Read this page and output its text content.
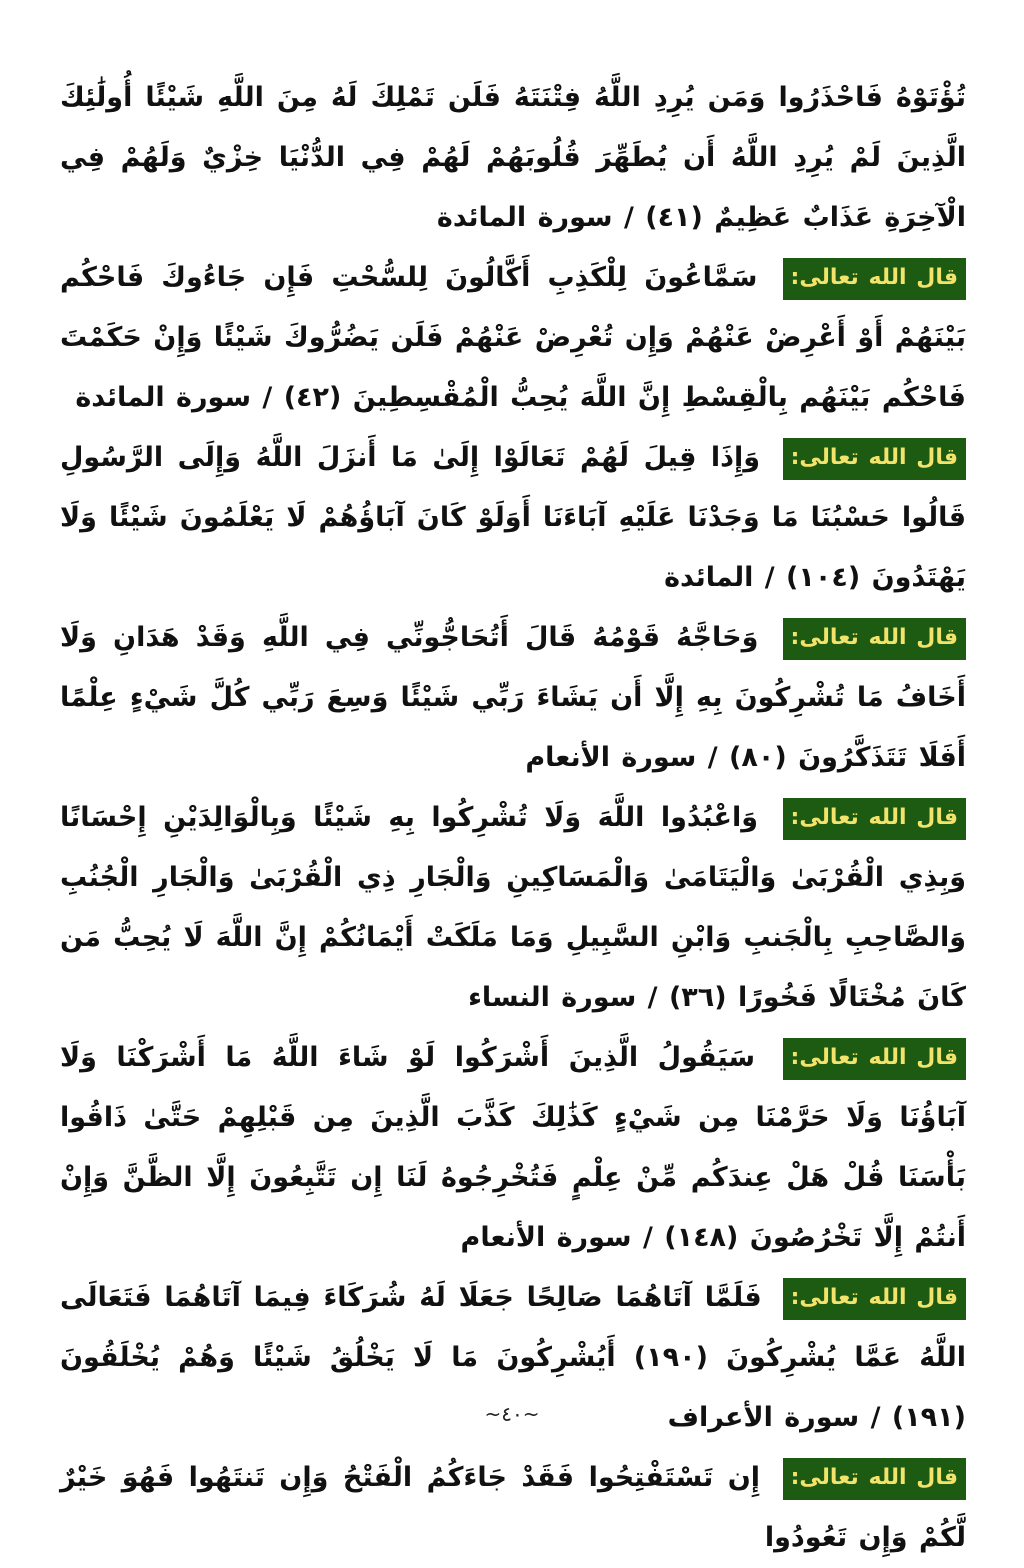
تُؤْتَوْهُ فَاحْذَرُوا وَمَن يُرِدِ اللَّهُ فِتْنَتَهُ فَلَن تَمْلِكَ لَهُ مِنَ اللَّهِ شَيْئًا أُولَٰئِكَ الَّذِينَ لَمْ يُرِدِ اللَّهُ أَن يُطَهِّرَ قُلُوبَهُمْ لَهُمْ فِي الدُّنْيَا خِزْيٌ وَلَهُمْ فِي الْآخِرَةِ عَذَابٌ عَظِيمٌ (٤١) / سورة المائدة

قال الله تعالى: سَمَّاعُونَ لِلْكَذِبِ أَكَّالُونَ لِلسُّحْتِ فَإِن جَاءُوكَ فَاحْكُم بَيْنَهُمْ أَوْ أَعْرِضْ عَنْهُمْ وَإِن تُعْرِضْ عَنْهُمْ فَلَن يَضُرُّوكَ شَيْئًا وَإِنْ حَكَمْتَ فَاحْكُم بَيْنَهُم بِالْقِسْطِ إِنَّ اللَّهَ يُحِبُّ الْمُقْسِطِينَ (٤٢) / سورة المائدة

قال الله تعالى: وَإِذَا قِيلَ لَهُمْ تَعَالَوْا إِلَىٰ مَا أَنزَلَ اللَّهُ وَإِلَى الرَّسُولِ قَالُوا حَسْبُنَا مَا وَجَدْنَا عَلَيْهِ آبَاءَنَا أَوَلَوْ كَانَ آبَاؤُهُمْ لَا يَعْلَمُونَ شَيْئًا وَلَا يَهْتَدُونَ (١٠٤) / المائدة

قال الله تعالى: وَحَاجَّهُ قَوْمُهُ قَالَ أَتُحَاجُّونِّي فِي اللَّهِ وَقَدْ هَدَانِ وَلَا أَخَافُ مَا تُشْرِكُونَ بِهِ إِلَّا أَن يَشَاءَ رَبِّي شَيْئًا وَسِعَ رَبِّي كُلَّ شَيْءٍ عِلْمًا أَفَلَا تَتَذَكَّرُونَ (٨٠) / سورة الأنعام

قال الله تعالى: وَاعْبُدُوا اللَّهَ وَلَا تُشْرِكُوا بِهِ شَيْئًا وَبِالْوَالِدَيْنِ إِحْسَانًا وَبِذِي الْقُرْبَىٰ وَالْيَتَامَىٰ وَالْمَسَاكِينِ وَالْجَارِ ذِي الْقُرْبَىٰ وَالْجَارِ الْجُنُبِ وَالصَّاحِبِ بِالْجَنبِ وَابْنِ السَّبِيلِ وَمَا مَلَكَتْ أَيْمَانُكُمْ إِنَّ اللَّهَ لَا يُحِبُّ مَن كَانَ مُخْتَالًا فَخُورًا (٣٦) / سورة النساء

قال الله تعالى: سَيَقُولُ الَّذِينَ أَشْرَكُوا لَوْ شَاءَ اللَّهُ مَا أَشْرَكْنَا وَلَا آبَاؤُنَا وَلَا حَرَّمْنَا مِن شَيْءٍ كَذَٰلِكَ كَذَّبَ الَّذِينَ مِن قَبْلِهِمْ حَتَّىٰ ذَاقُوا بَأْسَنَا قُلْ هَلْ عِندَكُم مِّنْ عِلْمٍ فَتُخْرِجُوهُ لَنَا إِن تَتَّبِعُونَ إِلَّا الظَّنَّ وَإِنْ أَنتُمْ إِلَّا تَخْرُصُونَ (١٤٨) / سورة الأنعام

قال الله تعالى: فَلَمَّا آتَاهُمَا صَالِحًا جَعَلَا لَهُ شُرَكَاءَ فِيمَا آتَاهُمَا فَتَعَالَى اللَّهُ عَمَّا يُشْرِكُونَ (١٩٠) أَيُشْرِكُونَ مَا لَا يَخْلُقُ شَيْئًا وَهُمْ يُخْلَقُونَ (١٩١) / سورة الأعراف

قال الله تعالى: إِن تَسْتَفْتِحُوا فَقَدْ جَاءَكُمُ الْفَتْحُ وَإِن تَنتَهُوا فَهُوَ خَيْرٌ لَّكُمْ وَإِن تَعُودُوا

~٤٠~
